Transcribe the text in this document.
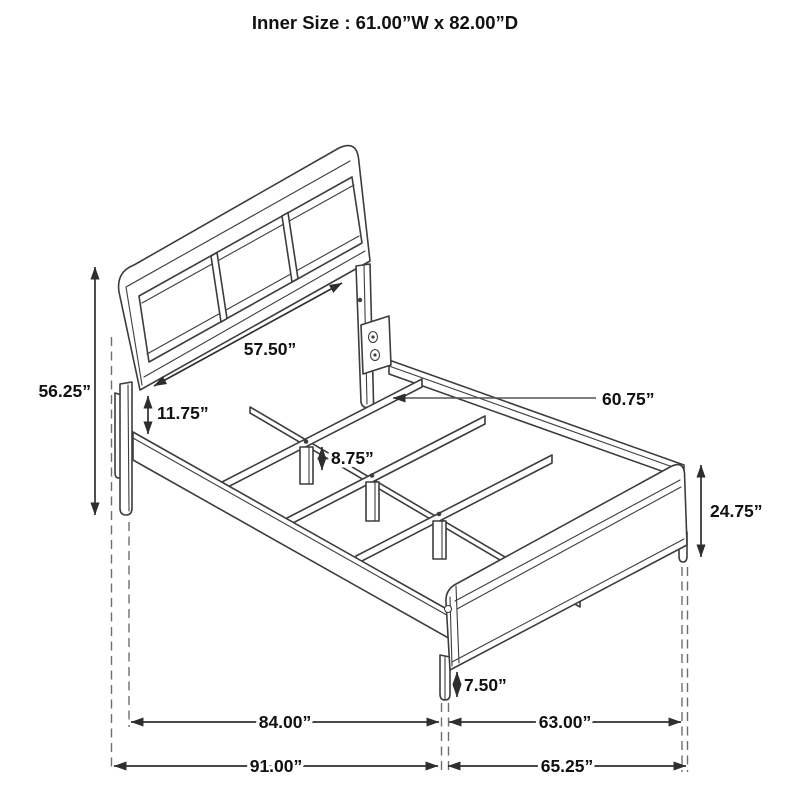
Inner Size : 61.00”W x 82.00”D
56.25”
57.50”
11.75”
60.75”
8.75”
24.75”
7.50”
84.00”	63.00”
91.00”	65.25”
